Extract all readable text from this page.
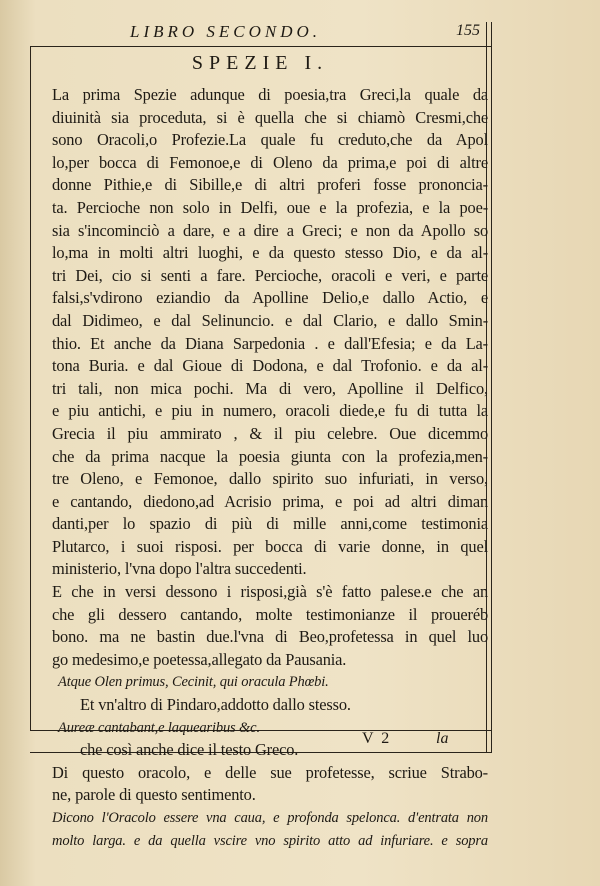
LIBRO SECONDO.	155
SPEZIE I.
La prima Spezie adunque di poesia,tra Greci,la quale da
diuinità sia proceduta, si è quella che si chiamò Cresmi,che
sono Oracoli,o Profezie.La quale fu creduto,che da Apol
lo,per bocca di Femonoe,e di Oleno da prima,e poi di altre
donne Pithie,e di Sibille,e di altri proferi fosse prononcia-
ta. Percioche non solo in Delfi, oue e la profezia, e la poe-
sia s'incominciò a dare, e a dire a Greci; e non da Apollo so
lo,ma in molti altri luoghi, e da questo stesso Dio, e da al-
tri Dei, cio si senti a fare. Percioche, oracoli e veri, e parte
falsi,s'vdirono eziandio da Apolline Delio,e dallo Actio, e
dal Didimeo, e dal Selinuncio. e dal Clario, e dallo Smin-
thio. Et anche da Diana Sarpedonia . e dall'Efesia; e da La-
tona Buria. e dal Gioue di Dodona, e dal Trofonio. e da al-
tri tali, non mica pochi. Ma di vero, Apolline il Delfico,
e piu antichi, e piu in numero, oracoli diede,e fu di tutta la
Grecia il piu ammirato , & il piu celebre. Oue dicemmo
che da prima nacque la poesia giunta con la profezia,men-
tre Oleno, e Femonoe, dallo spirito suo infuriati, in verso,
e cantando, diedono,ad Acrisio prima, e poi ad altri diman
danti,per lo spazio di più di mille anni,come testimonia
Plutarco, i suoi risposi. per bocca di varie donne, in quel
ministerio, l'vna dopo l'altra succedenti.
E che in versi dessono i risposi,già s'è fatto palese.e che an
che gli dessero cantando, molte testimonianze il proueréb
bono. ma ne bastin due.l'vna di Beo,profetessa in quel luo
go medesimo,e poetessa,allegato da Pausania.
Atque Olen primus, Cecinit, qui oracula Phœbi.
Et vn'altro di Pindaro,addotto dallo stesso.
Aureæ cantabant,e laquearibus &c.
che così anche dice il testo Greco.
Di questo oracolo, e delle sue profetesse, scriue Strabo-
ne, parole di questo sentimento.
Dicono l'Oracolo essere vna caua, e profonda spelonca. d'entrata non
molto larga. e da quella vscire vno spirito atto ad infuriare. e sopra
V 2	la
